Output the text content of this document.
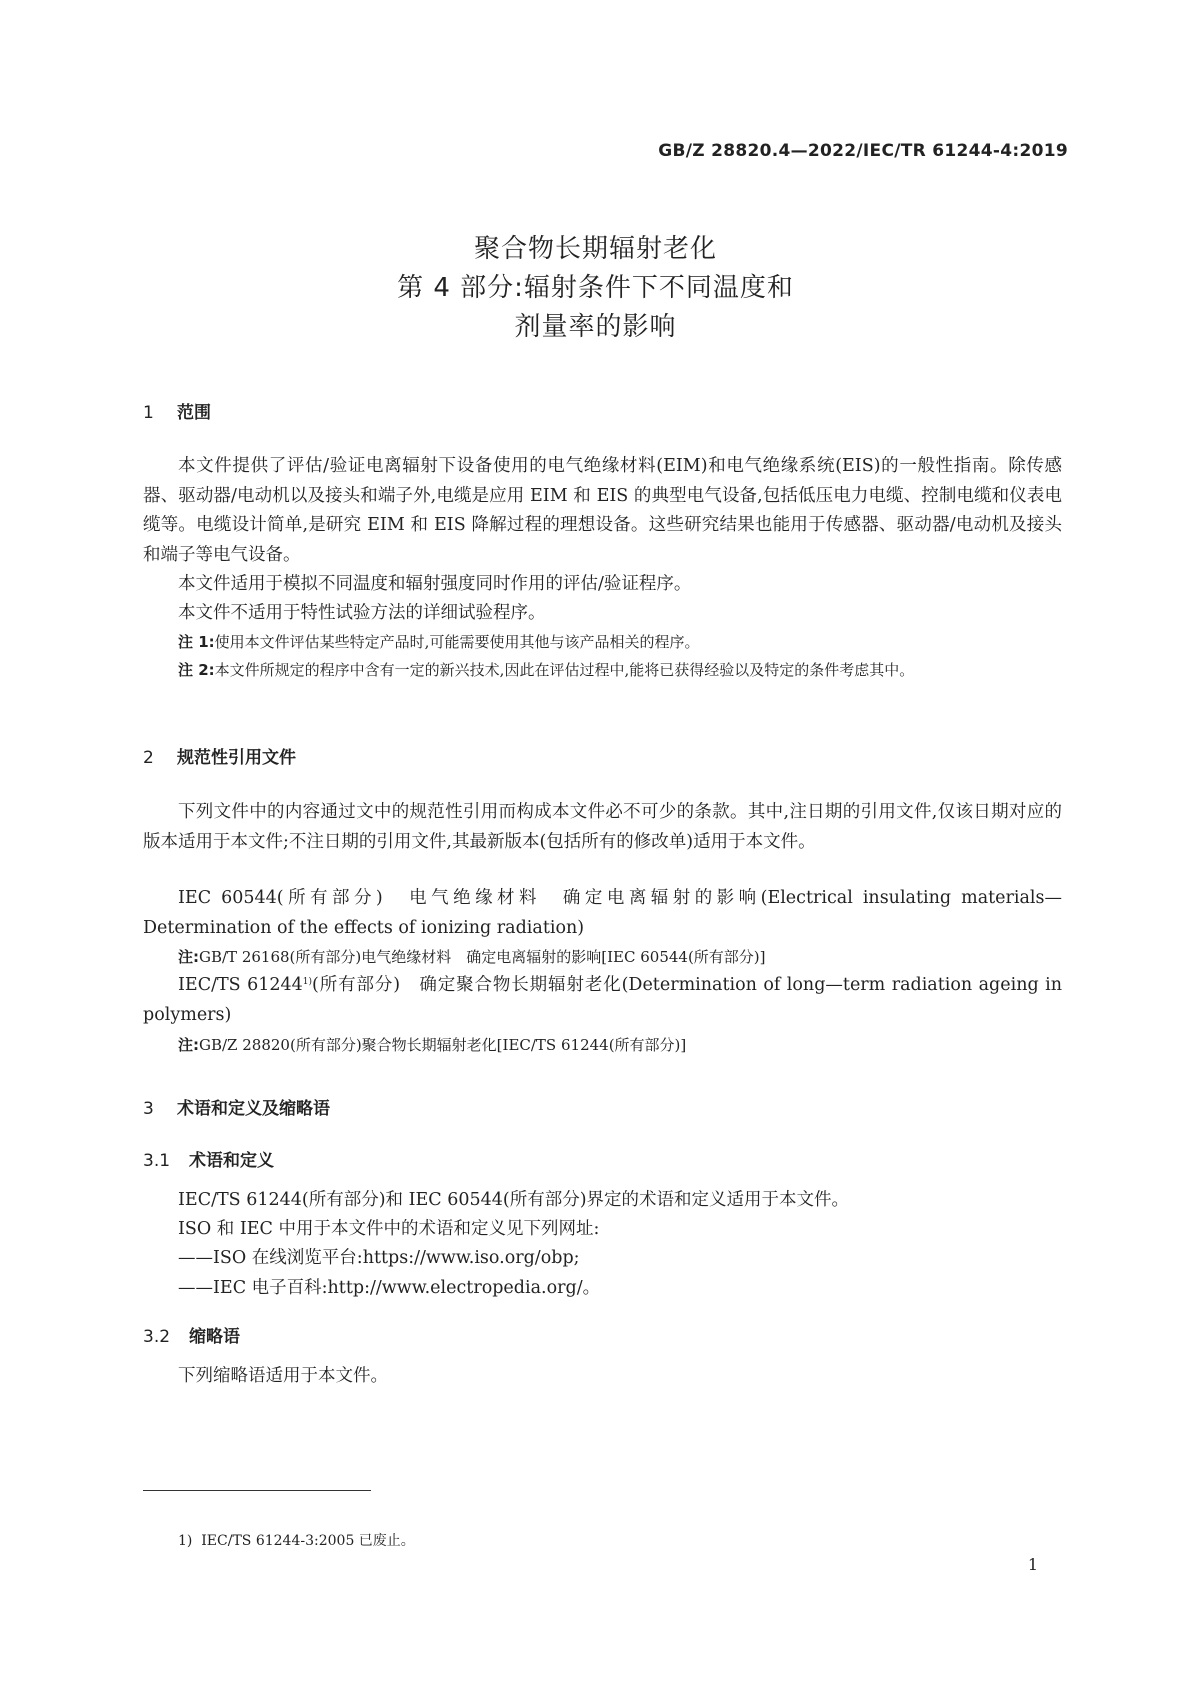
GB/Z 28820.4—2022/IEC/TR 61244-4:2019
聚合物长期辐射老化
第 4 部分:辐射条件下不同温度和
剂量率的影响
1 范围
本文件提供了评估/验证电离辐射下设备使用的电气绝缘材料(EIM)和电气绝缘系统(EIS)的一般性指南。除传感器、驱动器/电动机以及接头和端子外,电缆是应用 EIM 和 EIS 的典型电气设备,包括低压电力电缆、控制电缆和仪表电缆等。电缆设计简单,是研究 EIM 和 EIS 降解过程的理想设备。这些研究结果也能用于传感器、驱动器/电动机及接头和端子等电气设备。
本文件适用于模拟不同温度和辐射强度同时作用的评估/验证程序。
本文件不适用于特性试验方法的详细试验程序。
注 1:使用本文件评估某些特定产品时,可能需要使用其他与该产品相关的程序。
注 2:本文件所规定的程序中含有一定的新兴技术,因此在评估过程中,能将已获得经验以及特定的条件考虑其中。
2 规范性引用文件
下列文件中的内容通过文中的规范性引用而构成本文件必不可少的条款。其中,注日期的引用文件,仅该日期对应的版本适用于本文件;不注日期的引用文件,其最新版本(包括所有的修改单)适用于本文件。
IEC 60544(所有部分)　电气绝缘材料　确定电离辐射的影响(Electrical insulating materials—Determination of the effects of ionizing radiation)
注:GB/T 26168(所有部分)电气绝缘材料　确定电离辐射的影响[IEC 60544(所有部分)]
IEC/TS 61244$^{1)}$(所有部分)　确定聚合物长期辐射老化(Determination of long—term radiation ageing in polymers)
注:GB/Z 28820(所有部分)聚合物长期辐射老化[IEC/TS 61244(所有部分)]
3 术语和定义及缩略语
3.1 术语和定义
IEC/TS 61244(所有部分)和 IEC 60544(所有部分)界定的术语和定义适用于本文件。
ISO 和 IEC 中用于本文件中的术语和定义见下列网址:
——ISO 在线浏览平台:https://www.iso.org/obp;
——IEC 电子百科:http://www.electropedia.org/。
3.2 缩略语
下列缩略语适用于本文件。
1) IEC/TS 61244-3:2005 已废止。
1
